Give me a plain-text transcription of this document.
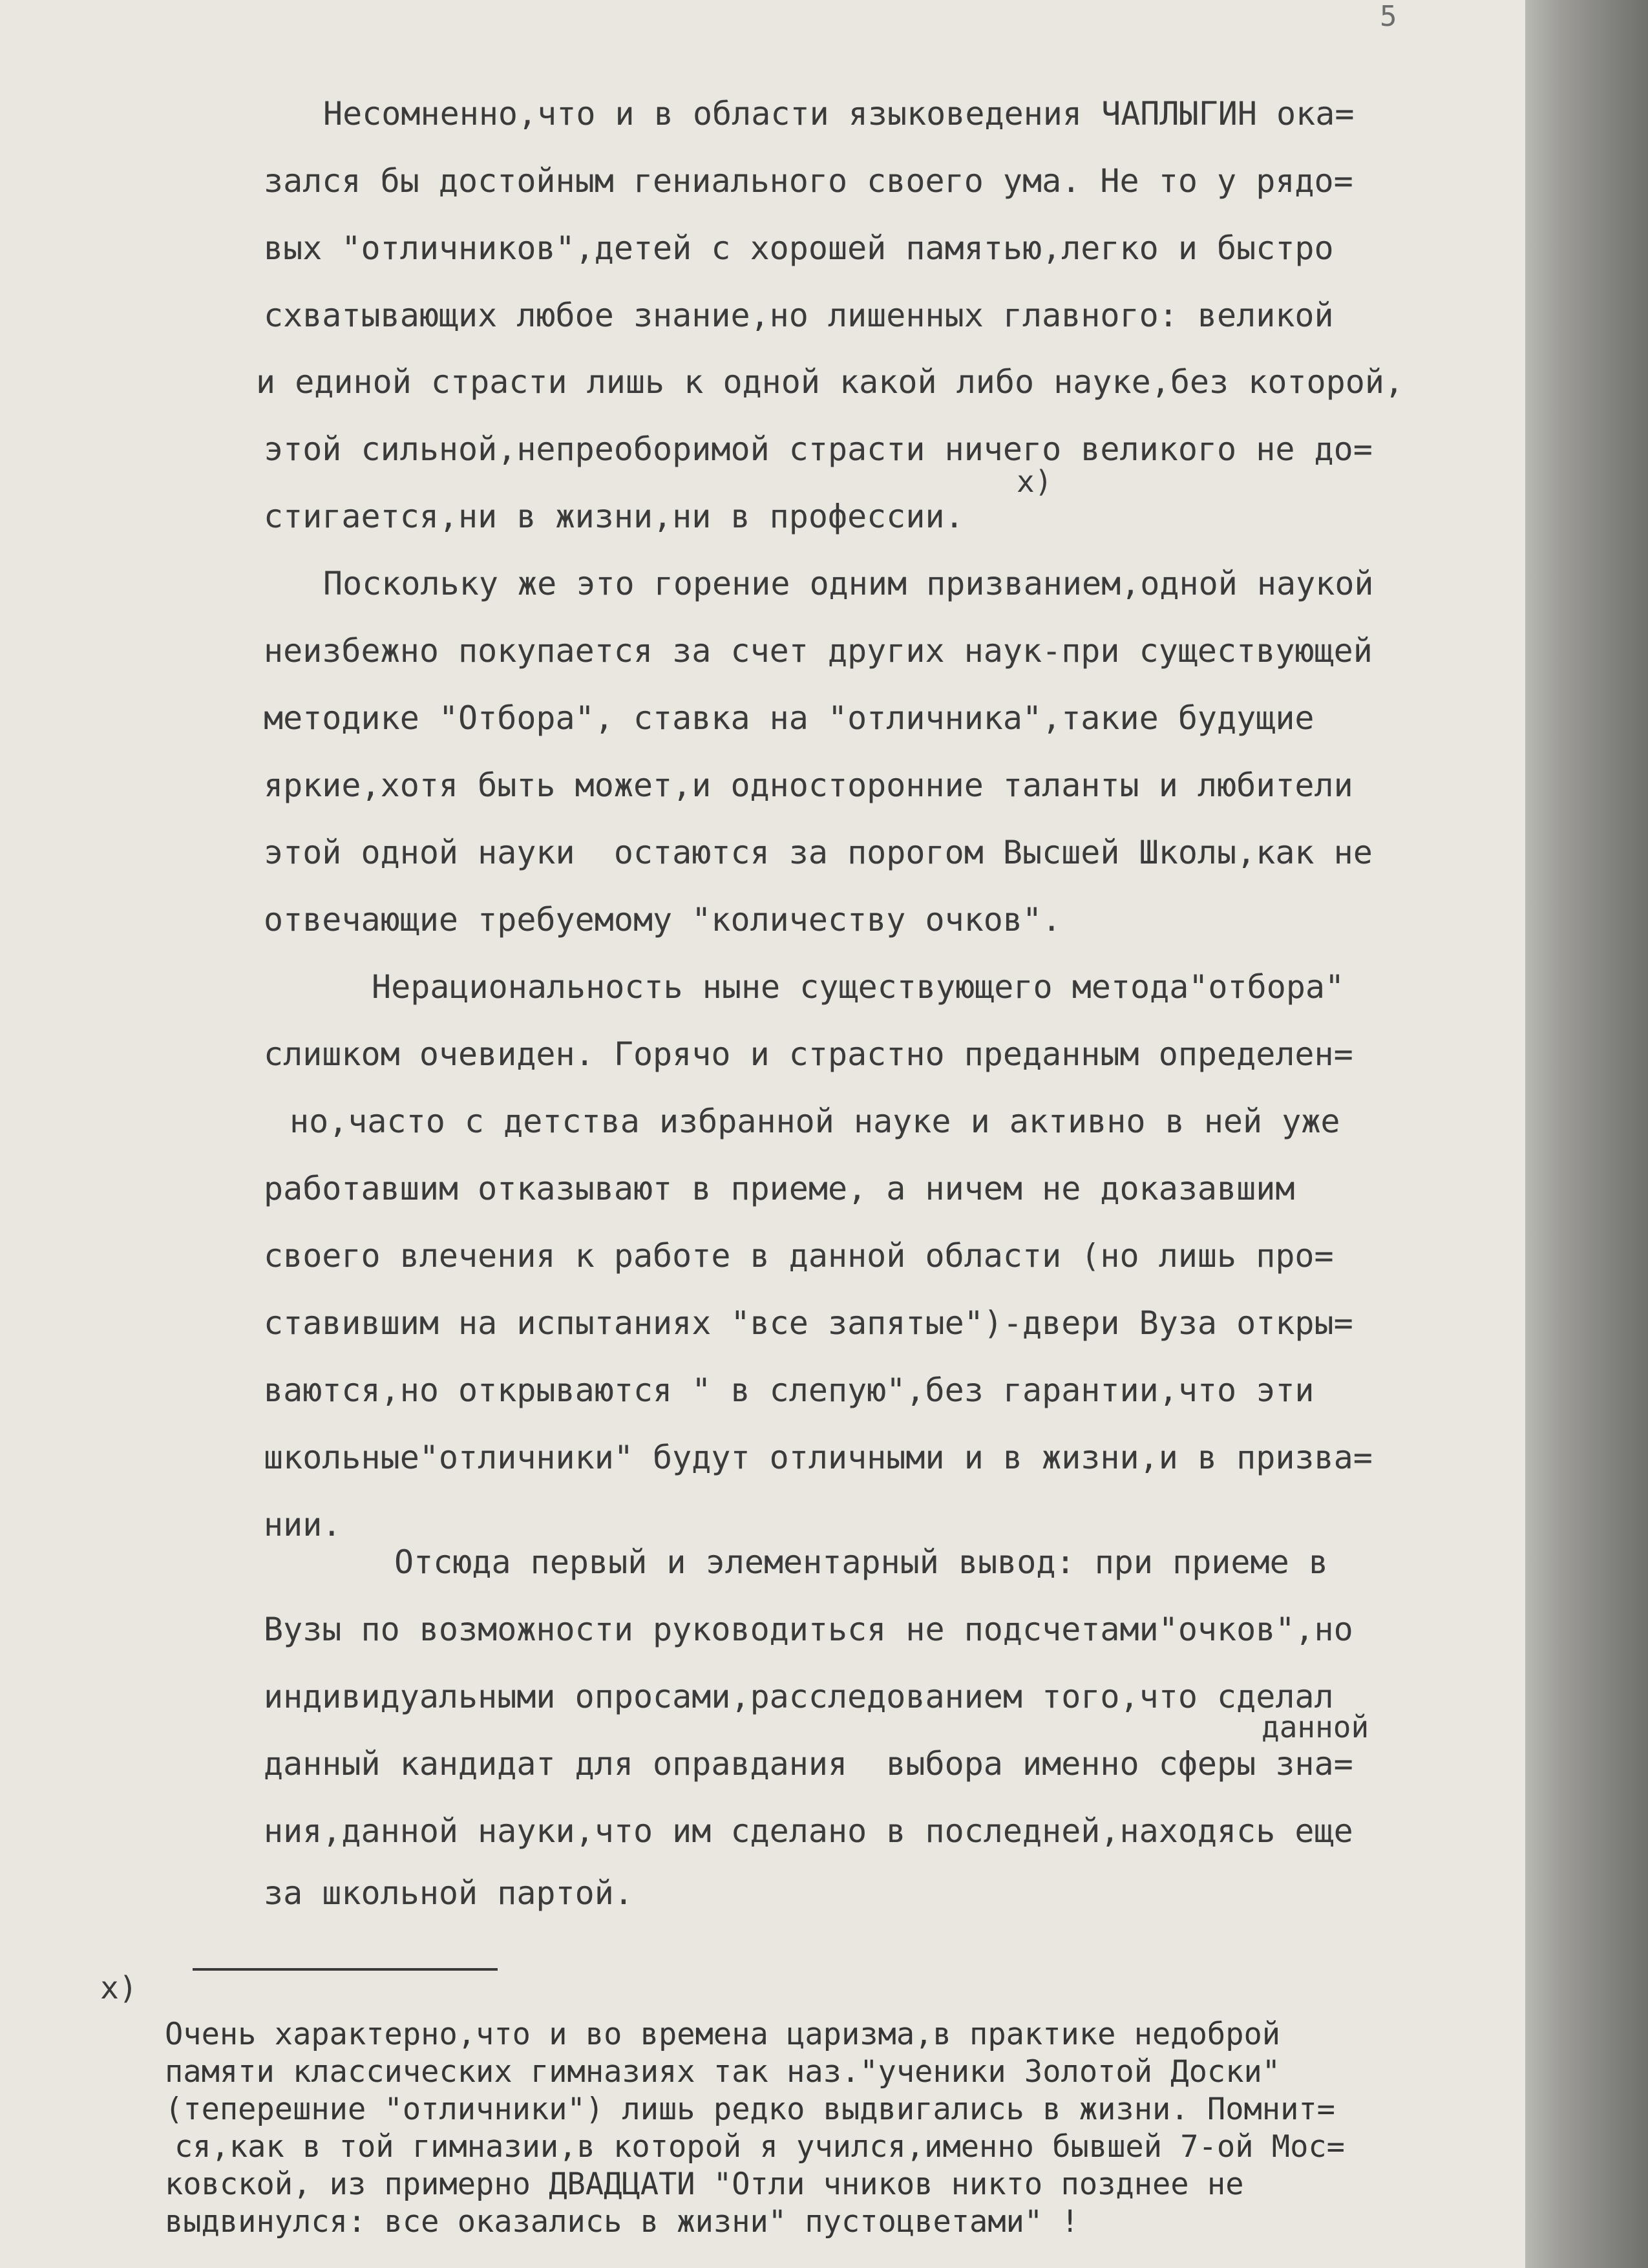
5
Несомненно,что и в области языковедения ЧАПЛЫГИН ока=
зался бы достойным гениального своего ума. Не то у рядо=
вых "отличников",детей с хорошей памятью,легко и быстро
схватывающих любое знание,но лишенных главного: великой
и единой страсти лишь к одной какой либо науке,без которой,
этой сильной,непреоборимой страсти ничего великого не до=
х)
стигается,ни в жизни,ни в профессии.
Поскольку же это горение одним призванием,одной наукой
неизбежно покупается за счет других наук-при существующей
методике "Отбора", ставка на "отличника",такие будущие
яркие,хотя быть может,и односторонние таланты и любители
этой одной науки  остаются за порогом Высшей Школы,как не
отвечающие требуемому "количеству очков".
Нерациональность ныне существующего метода"отбора"
слишком очевиден. Горячо и страстно преданным определен=
но,часто с детства избранной науке и активно в ней уже
работавшим отказывают в приеме, а ничем не доказавшим
своего влечения к работе в данной области (но лишь про=
ставившим на испытаниях "все запятые")-двери Вуза откры=
ваются,но открываются " в слепую",без гарантии,что эти
школьные"отличники" будут отличными и в жизни,и в призва=
нии.
Отсюда первый и элементарный вывод: при приеме в
Вузы по возможности руководиться не подсчетами"очков",но
индивидуальными опросами,расследованием того,что сделал
данной
данный кандидат для оправдания  выбора именно сферы зна=
ния,данной науки,что им сделано в последней,находясь еще
за школьной партой.
х)
Очень характерно,что и во времена царизма,в практике недоброй
памяти классических гимназиях так наз."ученики Золотой Доски"
(теперешние "отличники") лишь редко выдвигались в жизни. Помнит=
ся,как в той гимназии,в которой я учился,именно бывшей 7-ой Мос=
ковской, из примерно ДВАДЦАТИ "Отли чников никто позднее не
выдвинулся: все оказались в жизни" пустоцветами" !
